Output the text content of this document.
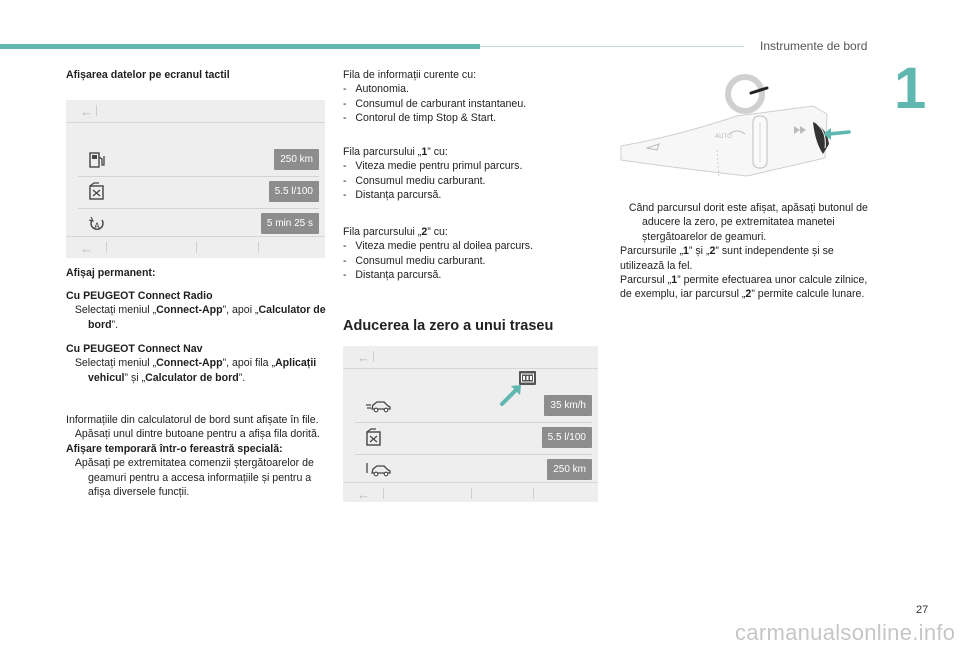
Instrumente de bord
1
27
carmanualsonline.info
Afișarea datelor pe ecranul tactil
←
250 km
5.5 l/100
A	5 min 25 s
←
Afișaj permanent:

Cu PEUGEOT Connect Radio

Selectați meniul „Connect-App”, apoi „Calculator de bord”.

Cu PEUGEOT Connect Nav

Selectați meniul „Connect-App”, apoi fila „Aplicații vehicul” și „Calculator de bord”.

Informațiile din calculatorul de bord sunt afișate în file.

Apăsați unul dintre butoane pentru a afișa fila dorită.

Afișare temporară într-o fereastră specială:

Apăsați pe extremitatea comenzii ștergătoarelor de geamuri pentru a accesa informațiile și pentru a afișa diversele funcții.

Fila de informații curente cu:

- Autonomia.

- Consumul de carburant instantaneu.

- Contorul de timp Stop & Start.

Fila parcursului „1” cu:

- Viteza medie pentru primul parcurs.

- Consumul mediu carburant.

- Distanța parcursă.

Fila parcursului „2” cu:

- Viteza medie pentru al doilea parcurs.

- Consumul mediu carburant.

- Distanța parcursă.

Aducerea la zero a unui traseu
←
35 km/h
5.5 l/100
250 km
←
AUTO

Când parcursul dorit este afișat, apăsați butonul de aducere la zero, pe extremitatea manetei ștergătoarelor de geamuri.

Parcursurile „1” și „2” sunt independente și se utilizează la fel.

Parcursul „1” permite efectuarea unor calcule zilnice, de exemplu, iar parcursul „2” permite calcule lunare.
